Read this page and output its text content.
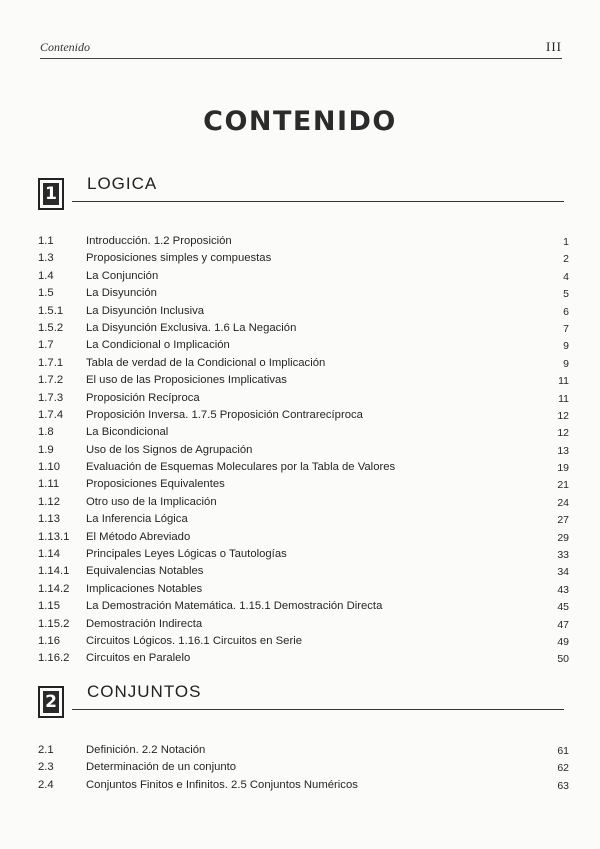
Contenido	III
CONTENIDO
1
LOGICA
1.1	Introducción. 1.2 Proposición	1
1.3	Proposiciones simples y compuestas	2
1.4	La Conjunción	4
1.5	La Disyunción	5
1.5.1 La Disyunción Inclusiva	6
1.5.2 La Disyunción Exclusiva. 1.6 La Negación	7
1.7	La Condicional o Implicación	9
1.7.1 Tabla de verdad de la Condicional o Implicación	9
1.7.2 El uso de las Proposiciones Implicativas	11
1.7.3 Proposición Recíproca	11
1.7.4 Proposición Inversa. 1.7.5 Proposición Contrarecíproca	12
1.8	La Bicondicional	12
1.9	Uso de los Signos de Agrupación	13
1.10 Evaluación de Esquemas Moleculares por la Tabla de Valores	19
1.11 Proposiciones Equivalentes	21
1.12 Otro uso de la Implicación	24
1.13 La Inferencia Lógica	27
1.13.1 El Método Abreviado	29
1.14 Principales Leyes Lógicas o Tautologías	33
1.14.1 Equivalencias Notables	34
1.14.2 Implicaciones Notables	43
1.15 La Demostración Matemática. 1.15.1 Demostración Directa	45
1.15.2 Demostración Indirecta	47
1.16 Circuitos Lógicos. 1.16.1 Circuitos en Serie	49
1.16.2 Circuitos en Paralelo	50
2
CONJUNTOS
2.1	Definición. 2.2 Notación	61
2.3	Determinación de un conjunto	62
2.4	Conjuntos Finitos e Infinitos. 2.5 Conjuntos Numéricos	63
